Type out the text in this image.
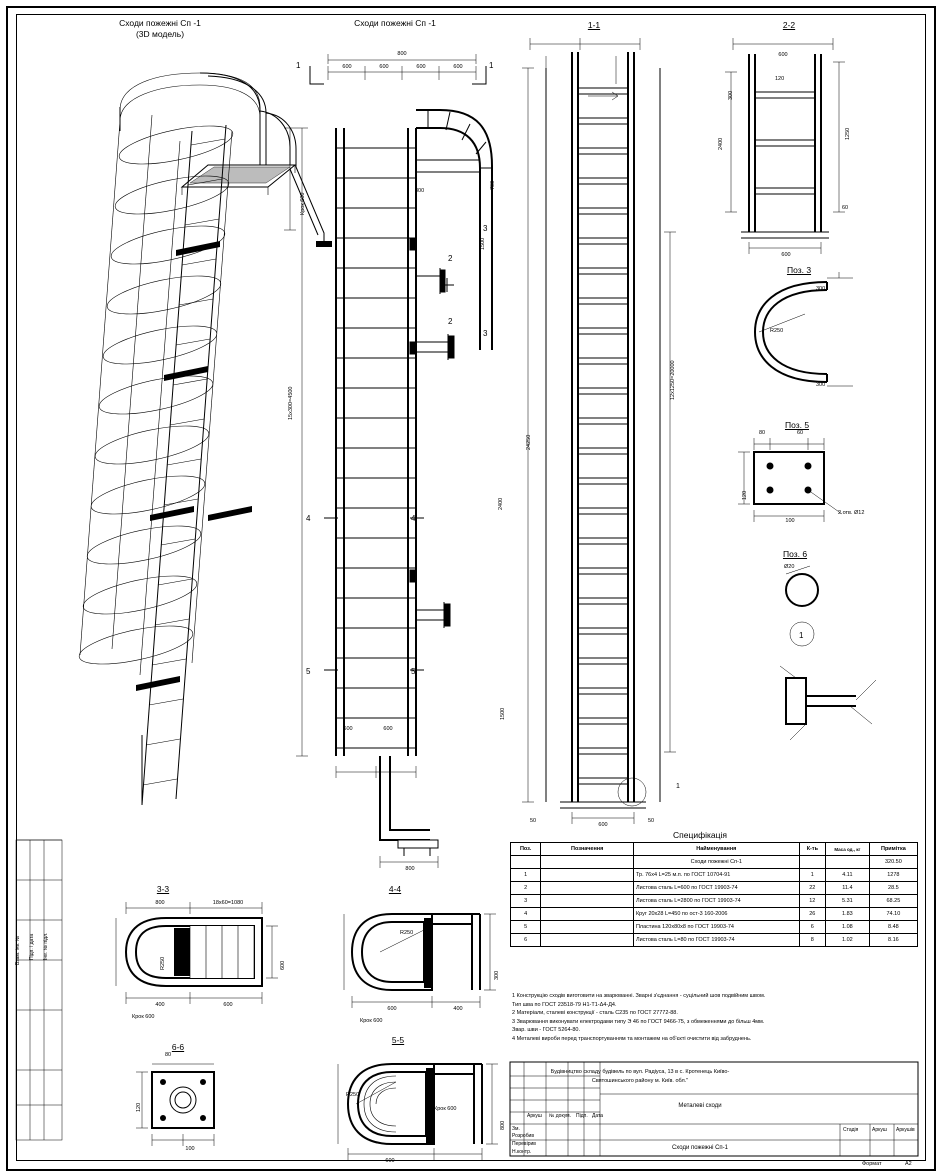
Інв. № підл.
Підп. і дата
Взам. інв. №
Сходи пожежні Сп -1
(3D модель)
Сходи пожежні Сп -1	1-1	2-2
Поз. 3
Поз. 5
Поз. 6
3-3	4-4
6-6
5-5
Специфікація
600	600	600	600
800
Крок 600
15x300=4500
600	600
800
300
700
1500
2400
1500
1	1
2
2
4	4
5	5
3
3
24250
12x1250=20000
600
50	50
1
600
300
2400
1250
600
60
120
R250
300
300
80	60
120
100
2 отв. Ø12
Ø20
1
800	18x60=1080
R250	600
400	600
Крок 600
R250
600	400
Крок 600
300
120
100
80
R250
600
Крок 600
800
Поз.	Позначення	Найменування	К-ть	Маса од., кг	Примітка
		Сходи пожежні Сп-1			320.50
1		Тр. 76х4 L=25 м.п. по ГОСТ 10704-91	1	4.11	1278
2		Листова сталь L=600 по ГОСТ 19903-74	22	11.4	28.5
3		Листова сталь L=2800 по ГОСТ 19903-74	12	5.31	68.25
4		Круг 20х28 L=450 по ост-3 160-2006	26	1.83	74.10
5		Пластина 120х80х8 по ГОСТ 19903-74	6	1.08	8.48
6		Листова сталь L=80 по ГОСТ 19903-74	8	1.02	8.16
1 Конструкцію сходів виготовити на зварюванні. Зварні з'єднання - суцільний шов подвійним швом.
Тип шва по ГОСТ 23518-79 Н1-Т1-Δ4-Д4.
2 Матеріали, сталеві конструкції - сталь С235 по ГОСТ 27772-88.
3 Зварювання виконувати електродами типу Э 46 по ГОСТ 9466-75, з обмеженнями до більш 4мм.
Звар. шви - ГОСТ 5264-80.
4 Металеві вироби перед транспортуванням та монтажем на об'єкті очистити від забруднень.
Будівництво складу будівель по вул. Радіуса, 13 в с. Кротенець Київо-
Святошинського району м. Київ. обл."
Металеві сходи
Сходи пожежні Сп-1
Стадія	Аркуш Аркушів
Зм.
Розробив
Перевірив
Н.контр.
Аркуш № докум. Підп. Дата
Формат	А2
